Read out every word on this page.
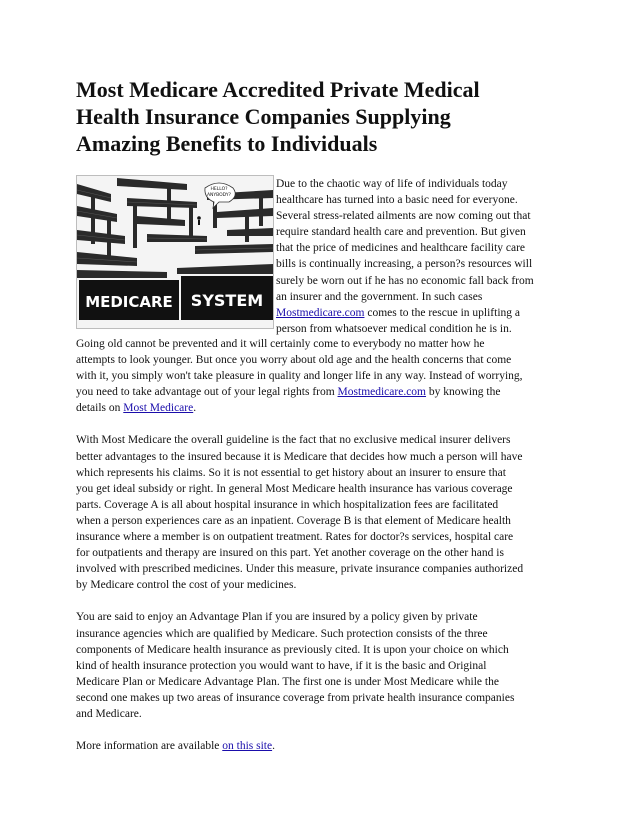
Most Medicare Accredited Private Medical
Health Insurance Companies Supplying
Amazing Benefits to Individuals
HELLO?
ANYBODY?
MEDICARE SYSTEM
Due to the chaotic way of life of individuals today
healthcare has turned into a basic need for everyone.
Several stress-related ailments are now coming out that
require standard health care and prevention. But given
that the price of medicines and healthcare facility care
bills is continually increasing, a person?s resources will
surely be worn out if he has no economic fall back from
an insurer and the government. In such cases
Mostmedicare.com comes to the rescue in uplifting a
person from whatsoever medical condition he is in.

Going old cannot be prevented and it will certainly come to everybody no matter how he
attempts to look younger. But once you worry about old age and the health concerns that come
with it, you simply won't take pleasure in quality and longer life in any way. Instead of worrying,
you need to take advantage out of your legal rights from Mostmedicare.com by knowing the
details on Most Medicare.

With Most Medicare the overall guideline is the fact that no exclusive medical insurer delivers
better advantages to the insured because it is Medicare that decides how much a person will have
which represents his claims. So it is not essential to get history about an insurer to ensure that
you get ideal subsidy or right. In general Most Medicare health insurance has various coverage
parts. Coverage A is all about hospital insurance in which hospitalization fees are facilitated
when a person experiences care as an inpatient. Coverage B is that element of Medicare health
insurance where a member is on outpatient treatment. Rates for doctor?s services, hospital care
for outpatients and therapy are insured on this part. Yet another coverage on the other hand is
involved with prescribed medicines. Under this measure, private insurance companies authorized
by Medicare control the cost of your medicines.

You are said to enjoy an Advantage Plan if you are insured by a policy given by private
insurance agencies which are qualified by Medicare. Such protection consists of the three
components of Medicare health insurance as previously cited. It is upon your choice on which
kind of health insurance protection you would want to have, if it is the basic and Original
Medicare Plan or Medicare Advantage Plan. The first one is under Most Medicare while the
second one makes up two areas of insurance coverage from private health insurance companies
and Medicare.

More information are available on this site.
